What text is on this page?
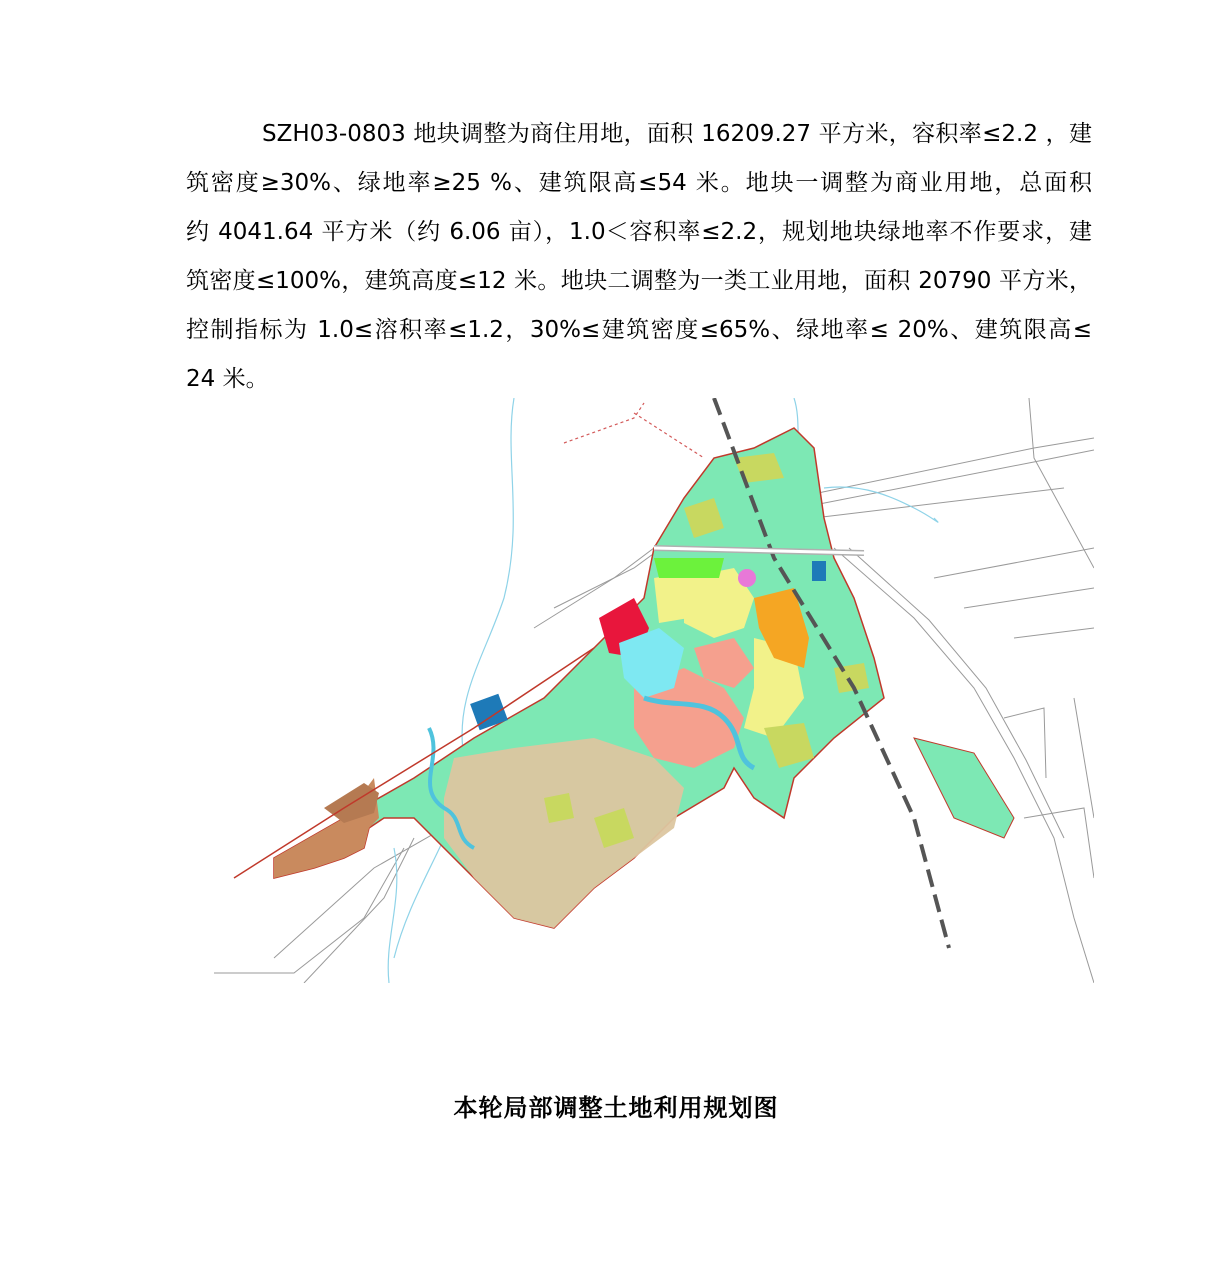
SZH03-0803 地块调整为商住用地，面积 16209.27 平方米，容积率≤2.2 ，建
筑密度≥30%、绿地率≥25 %、建筑限高≤54 米。地块一调整为商业用地，总面积
约 4041.64 平方米（约 6.06 亩），1.0＜容积率≤2.2，规划地块绿地率不作要求，建
筑密度≤100%，建筑高度≤12 米。地块二调整为一类工业用地，面积 20790 平方米，
控制指标为 1.0≤溶积率≤1.2，30%≤建筑密度≤65%、绿地率≤ 20%、建筑限高≤
24 米。
本轮局部调整土地利用规划图
